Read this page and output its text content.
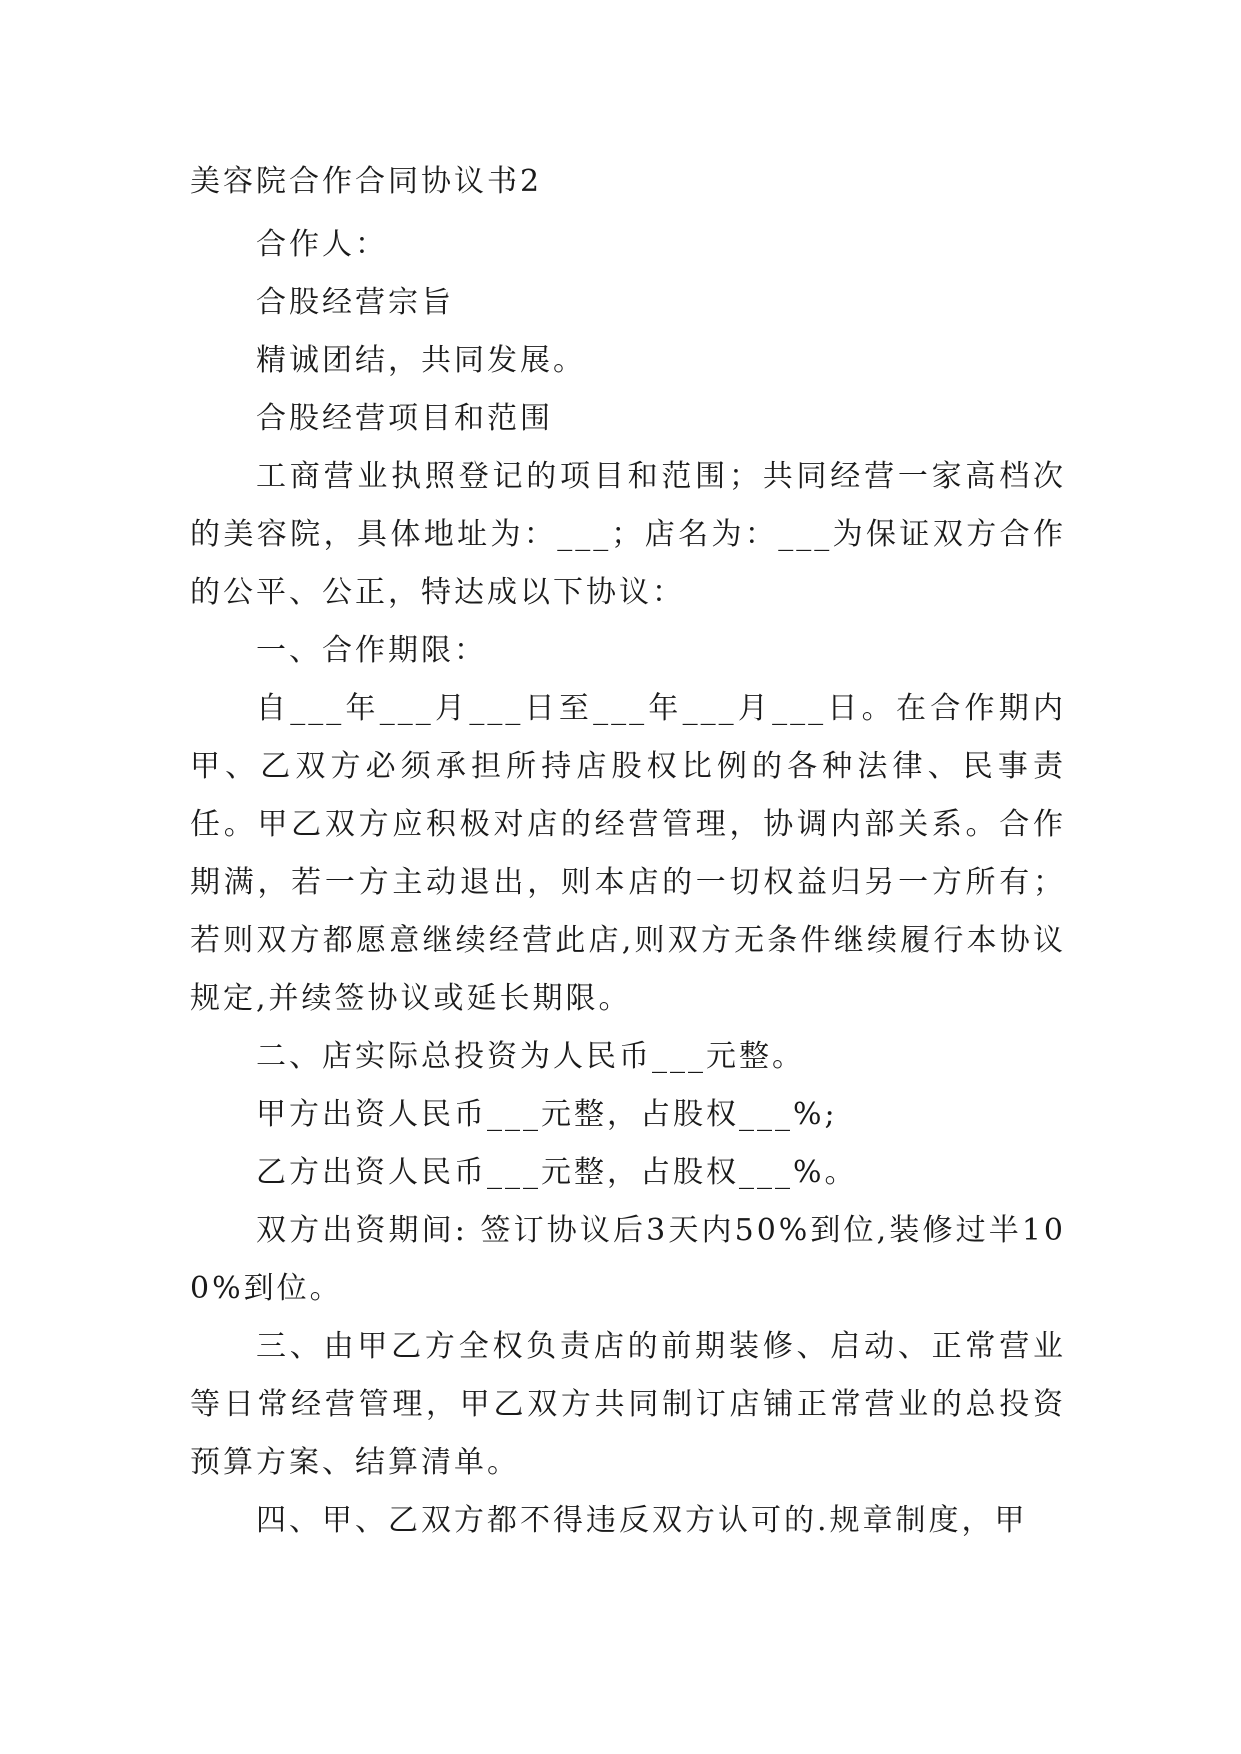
美容院合作合同协议书2

合作人：

合股经营宗旨

精诚团结，共同发展。

合股经营项目和范围

工商营业执照登记的项目和范围；共同经营一家高档次的美容院，具体地址为：___；店名为：___为保证双方合作的公平、公正，特达成以下协议：

一、合作期限：

自___年___月___日至___年___月___日。在合作期内甲、乙双方必须承担所持店股权比例的各种法律、民事责任。甲乙双方应积极对店的经营管理，协调内部关系。合作期满，若一方主动退出，则本店的一切权益归另一方所有；若则双方都愿意继续经营此店,则双方无条件继续履行本协议规定,并续签协议或延长期限。

二、店实际总投资为人民币___元整。

甲方出资人民币___元整，占股权___%;

乙方出资人民币___元整，占股权___%。

双方出资期间: 签订协议后3天内50%到位,装修过半100%到位。

三、由甲乙方全权负责店的前期装修、启动、正常营业等日常经营管理，甲乙双方共同制订店铺正常营业的总投资预算方案、结算清单。

四、甲、乙双方都不得违反双方认可的.规章制度，甲
